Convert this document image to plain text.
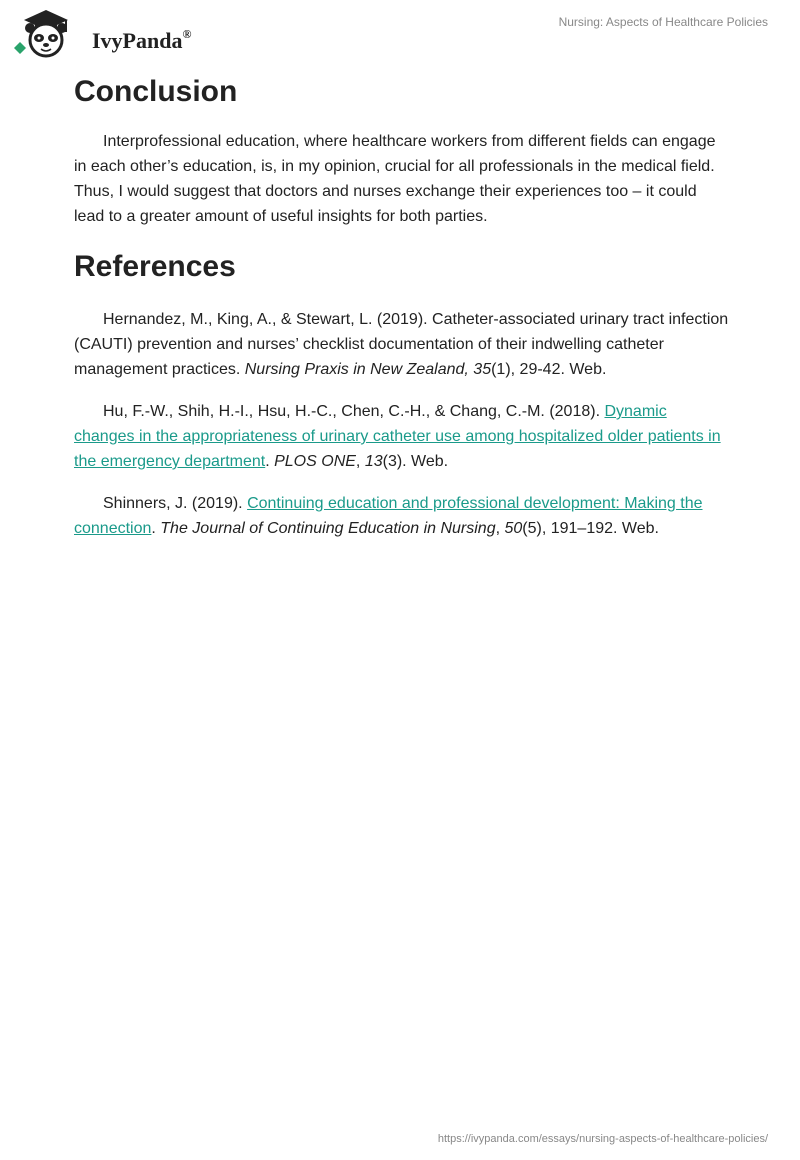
IvyPanda®
Nursing: Aspects of Healthcare Policies
Conclusion

Interprofessional education, where healthcare workers from different fields can engage in each other’s education, is, in my opinion, crucial for all professionals in the medical field. Thus, I would suggest that doctors and nurses exchange their experiences too – it could lead to a greater amount of useful insights for both parties.

References

Hernandez, M., King, A., & Stewart, L. (2019). Catheter-associated urinary tract infection (CAUTI) prevention and nurses’ checklist documentation of their indwelling catheter management practices. Nursing Praxis in New Zealand, 35(1), 29-42. Web.

Hu, F.-W., Shih, H.-I., Hsu, H.-C., Chen, C.-H., & Chang, C.-M. (2018). Dynamic changes in the appropriateness of urinary catheter use among hospitalized older patients in the emergency department. PLOS ONE, 13(3). Web.

Shinners, J. (2019). Continuing education and professional development: Making the connection. The Journal of Continuing Education in Nursing, 50(5), 191–192. Web.

https://ivypanda.com/essays/nursing-aspects-of-healthcare-policies/
